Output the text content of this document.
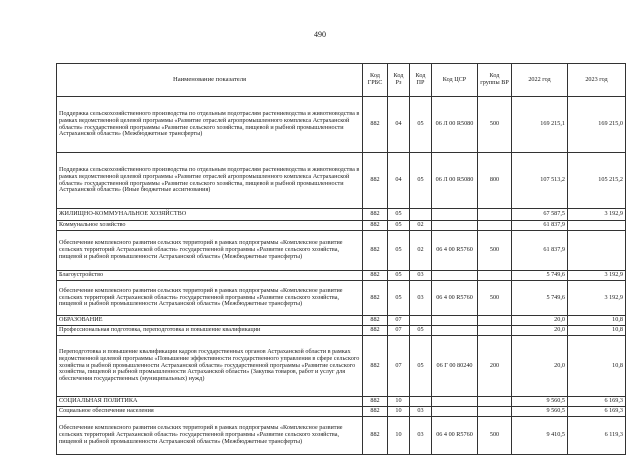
490
Наименование показателя	Код ГРБС	Код Рз	Код ПР	Код ЦСР	Код группы ВР	2022 год	2023 год
Поддержка сельскохозяйственного производства по отдельным подотраслям растениеводства и животноводства в рамках ведомственной целевой программы «Развитие отраслей агропромышленного комплекса Астраханской области» государственной программы «Развитие сельского хозяйства, пищевой и рыбной промышленности Астраханской области» (Межбюджетные трансферты)	882	04	05	06 Л 00 R5080	500	169 215,1	169 215,0
Поддержка сельскохозяйственного производства по отдельным подотраслям растениеводства и животноводства в рамках ведомственной целевой программы «Развитие отраслей агропромышленного комплекса Астраханской области» государственной программы «Развитие сельского хозяйства, пищевой и рыбной промышленности Астраханской области» (Иные бюджетные ассигнования)	882	04	05	06 Л 00 R5080	800	107 513,2	105 215,2
ЖИЛИЩНО-КОММУНАЛЬНОЕ ХОЗЯЙСТВО	882	05				67 587,5	3 192,9
Коммунальное хозяйство	882	05	02			61 837,9	
Обеспечение комплексного развития сельских территорий в рамках подпрограммы «Комплексное развитие сельских территорий Астраханской области» государственной программы «Развитие сельского хозяйства, пищевой и рыбной промышленности Астраханской области» (Межбюджетные трансферты)	882	05	02	06 4 00 R5760	500	61 837,9	
Благоустройство	882	05	03			5 749,6	3 192,9
Обеспечение комплексного развития сельских территорий в рамках подпрограммы «Комплексное развитие сельских территорий Астраханской области» государственной программы «Развитие сельского хозяйства, пищевой и рыбной промышленности Астраханской области» (Межбюджетные трансферты)	882	05	03	06 4 00 R5760	500	5 749,6	3 192,9
ОБРАЗОВАНИЕ	882	07				20,0	10,8
Профессиональная подготовка, переподготовка и повышение квалификации	882	07	05			20,0	10,8
Переподготовка и повышение квалификации кадров государственных органов Астраханской области в рамках ведомственной целевой программы «Повышение эффективности государственного управления в сфере сельского хозяйства и рыбной промышленности Астраханской области» государственной программы «Развитие сельского хозяйства, пищевой и рыбной промышленности Астраханской области» (Закупка товаров, работ и услуг для обеспечения государственных (муниципальных) нужд)	882	07	05	06 Г 00 80240	200	20,0	10,8
СОЦИАЛЬНАЯ ПОЛИТИКА	882	10				9 560,5	6 169,3
Социальное обеспечение населения	882	10	03			9 560,5	6 169,3
Обеспечение комплексного развития сельских территорий в рамках подпрограммы «Комплексное развитие сельских территорий Астраханской области» государственной программы «Развитие сельского хозяйства, пищевой и рыбной промышленности Астраханской области» (Межбюджетные трансферты)	882	10	03	06 4 00 R5760	500	9 410,5	6 119,3
